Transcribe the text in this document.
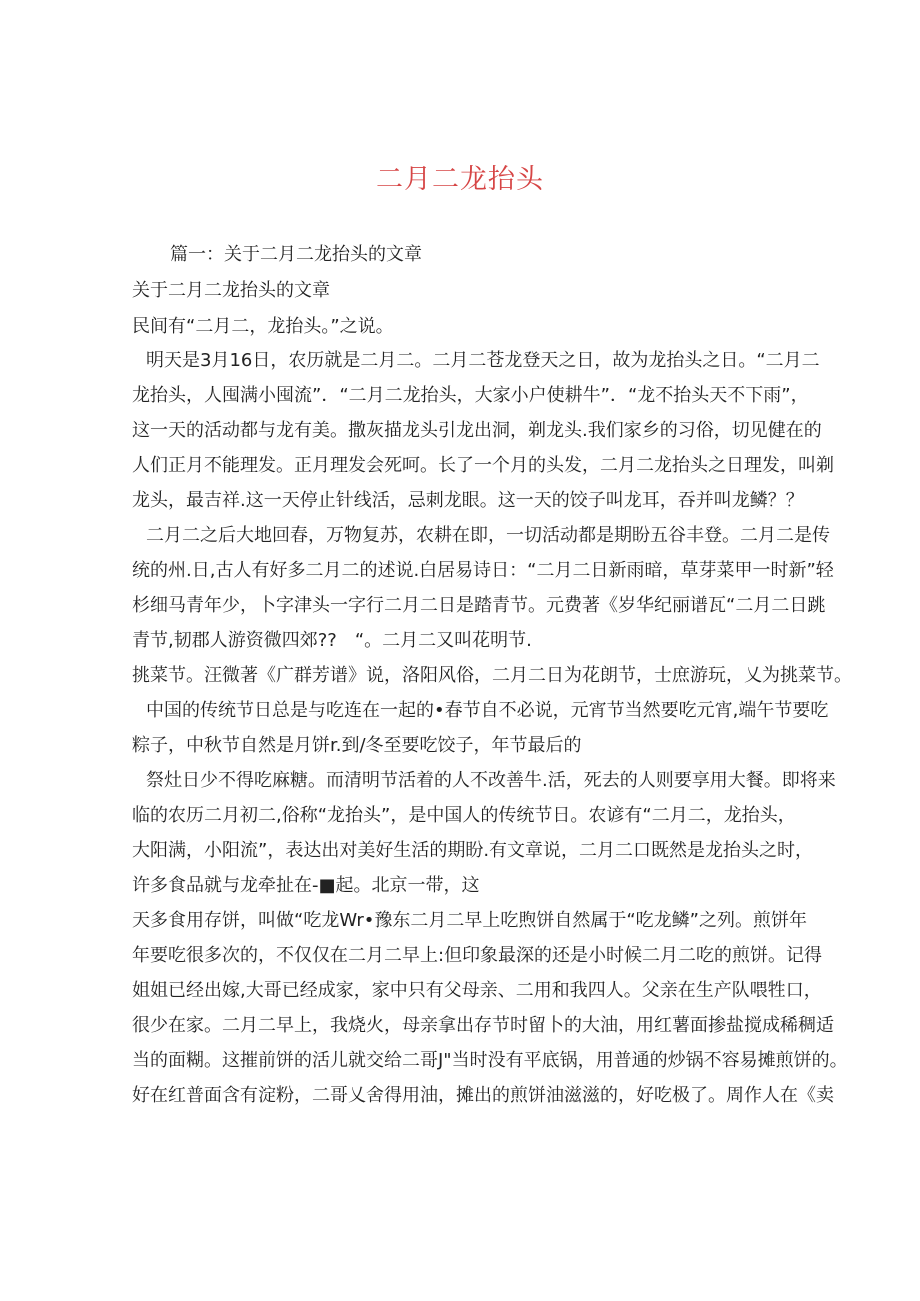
二月二龙抬头
篇一：关于二月二龙抬头的文章
关于二月二龙抬头的文章
民间有“二月二，龙抬头。”之说。
明天是3月16日，农历就是二月二。二月二苍龙登天之日，故为龙抬头之日。“二月二
龙抬头，人囤满小囤流”．“二月二龙抬头，大家小户使耕牛”．“龙不抬头天不下雨”，
这一天的活动都与龙有美。撒灰描龙头引龙出洞，剃龙头.我们家乡的习俗，切见健在的
人们正月不能理发。正月理发会死呵。长了一个月的头发，二月二龙抬头之日理发，叫剃
龙头，最吉祥.这一天停止针线活，忌刺龙眼。这一天的饺子叫龙耳，吞并叫龙鳞？？
二月二之后大地回春，万物复苏，农耕在即，一切活动都是期盼五谷丰登。二月二是传
统的州.日,古人有好多二月二的述说.白居易诗日：“二月二日新雨暗，草芽菜甲一时新”轻
杉细马青年少，卜字津头一字行二月二日是踏青节。元费著《岁华纪丽谱瓦“二月二日跳
青节,韧郡人游资微四郊??　“。二月二又叫花明节.
挑菜节。汪微著《广群芳谱》说，洛阳风俗，二月二日为花朗节，士庶游玩，乂为挑菜节。
中国的传统节日总是与吃连在一起的•春节自不必说，元宵节当然要吃元宵,端午节要吃
粽子，中秋节自然是月饼r.到/冬至要吃饺子，年节最后的
祭灶日少不得吃麻糖。而清明节活着的人不改善牛.活，死去的人则要享用大餐。即将来
临的农历二月初二,俗称“龙抬头”，是中国人的传统节日。农谚有“二月二，龙抬头，
大阳满，小阳流”，表达出对美好生活的期盼.有文章说，二月二口既然是龙抬头之时，
许多食品就与龙牵扯在-■起。北京一带，这
天多食用存饼，叫做“吃龙Wr•豫东二月二早上吃煦饼自然属于“吃龙鳞”之列。煎饼年
年要吃很多次的，不仅仅在二月二早上:但印象最深的还是小时候二月二吃的煎饼。记得
姐姐已经出嫁,大哥已经成家，家中只有父母亲、二用和我四人。父亲在生产队喂牲口，
很少在家。二月二早上，我烧火，母亲拿出存节时留卜的大油，用红薯面掺盐搅成稀稠适
当的面糊。这摧前饼的活儿就交给二哥J"当时没有平底锅，用普通的炒锅不容易摊煎饼的。
好在红普面含有淀粉，二哥乂舍得用油，摊出的煎饼油滋滋的，好吃极了。周作人在《卖
